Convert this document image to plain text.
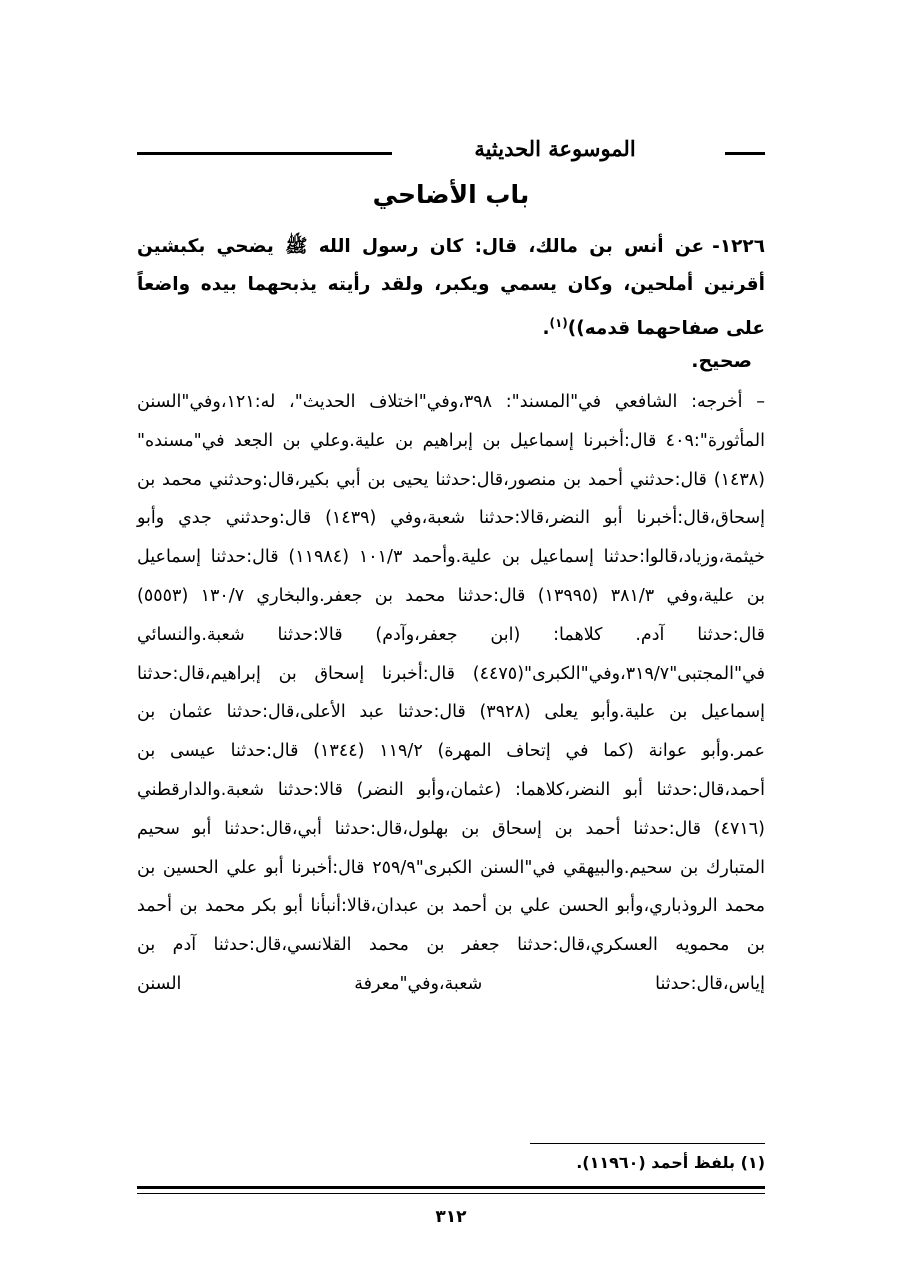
الموسوعة الحديثية
باب الأضاحي
١٢٢٦-عن أنس بن مالك، قال: كان رسول الله ﷺ يضحي بكبشين أقرنين أملحين، وكان يسمي ويكبر، ولقد رأيته يذبحهما بيده واضعاً على صفاحهما قدمه))$^{(١)}$.
صحيح.
– أخرجه: الشافعي في"المسند": ٣٩٨،وفي"اختلاف الحديث"، له:١٢١،وفي"السنن المأثورة":٤٠٩ قال:أخبرنا إسماعيل بن إبراهيم بن علية.وعلي بن الجعد في"مسنده"(١٤٣٨) قال:حدثني أحمد بن منصور،قال:حدثنا يحيى بن أبي بكير،قال:وحدثني محمد بن إسحاق،قال:أخبرنا أبو النضر،قالا:حدثنا شعبة،وفي (١٤٣٩) قال:وحدثني جدي وأبو خيثمة،وزياد،قالوا:حدثنا إسماعيل بن علية.وأحمد ١٠١/٣ (١١٩٨٤) قال:حدثنا إسماعيل بن علية،وفي ٣٨١/٣ (١٣٩٩٥) قال:حدثنا محمد بن جعفر.والبخاري ١٣٠/٧ (٥٥٥٣) قال:حدثنا آدم. كلاهما: (ابن جعفر،وآدم) قالا:حدثنا شعبة.والنسائي في"المجتبى"٣١٩/٧،وفي"الكبرى"(٤٤٧٥) قال:أخبرنا إسحاق بن إبراهيم،قال:حدثنا إسماعيل بن علية.وأبو يعلى (٣٩٢٨) قال:حدثنا عبد الأعلى،قال:حدثنا عثمان بن عمر.وأبو عوانة (كما في إتحاف المهرة) ١١٩/٢ (١٣٤٤) قال:حدثنا عيسى بن أحمد،قال:حدثنا أبو النضر،كلاهما: (عثمان،وأبو النضر) قالا:حدثنا شعبة.والدارقطني (٤٧١٦) قال:حدثنا أحمد بن إسحاق بن بهلول،قال:حدثنا أبي،قال:حدثنا أبو سحيم المتبارك بن سحيم.والبيهقي في"السنن الكبرى"٢٥٩/٩ قال:أخبرنا أبو علي الحسين بن محمد الروذباري،وأبو الحسن علي بن أحمد بن عبدان،قالا:أنبأنا أبو بكر محمد بن أحمد بن محمويه العسكري،قال:حدثنا جعفر بن محمد القلانسي،قال:حدثنا آدم بن إياس،قال:حدثنا شعبة،وفي"معرفة السنن
(١) بلفظ أحمد (١١٩٦٠).
٣١٢
